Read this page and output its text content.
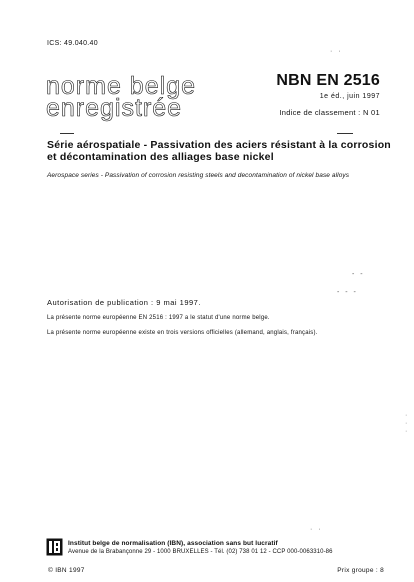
ICS: 49.040.40
· ·
norme belge
enregistrée
NBN EN 2516
1e éd., juin 1997
Indice de classement : N 01
Série aérospatiale - Passivation des aciers résistant à la corrosion
et décontamination des alliages base nickel
Aerospace series - Passivation of corrosion resisting steels and decontamination of nickel base alloys
- -
- - -
Autorisation de publication : 9 mai 1997.
La présente norme européenne EN 2516 : 1997 a le statut d'une norme belge.
La présente norme européenne existe en trois versions officielles (allemand, anglais, français).
·
·
·
· ·
Institut belge de normalisation (IBN), association sans but lucratif
Avenue de la Brabançonne 29 - 1000 BRUXELLES - Tél. (02) 738 01 12 - CCP 000-0063310-86
© IBN 1997	Prix groupe : 8
